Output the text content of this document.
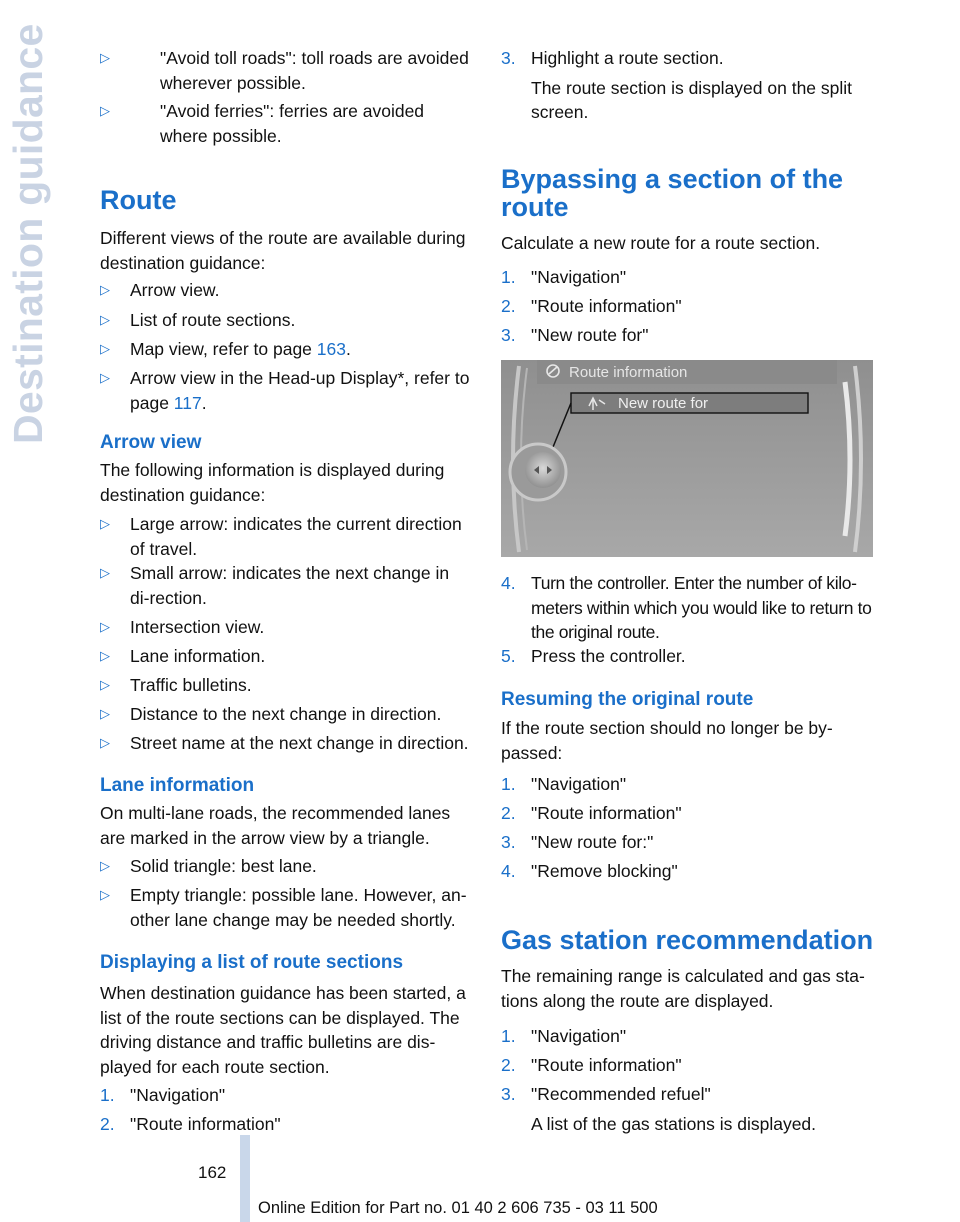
Destination guidance	▷	"Avoid toll roads": toll roads are avoided wherever possible.
▷	"Avoid ferries": ferries are avoided where possible.
Route

Different views of the route are available during destination guidance:

▷ Arrow view.
▷ List of route sections.
▷ Map view, refer to page 163.
▷ Arrow view in the Head-up Display*, refer to page 117.
Arrow view

The following information is displayed during destination guidance:

▷ Large arrow: indicates the current direction of travel.
▷ Small arrow: indicates the next change in di-rection.
▷ Intersection view.
▷ Lane information.
▷ Traffic bulletins.
▷ Distance to the next change in direction.
▷ Street name at the next change in direction.
Lane information

On multi-lane roads, the recommended lanes are marked in the arrow view by a triangle.

▷ Solid triangle: best lane.
▷ Empty triangle: possible lane. However, an-other lane change may be needed shortly.
Displaying a list of route sections

When destination guidance has been started, a list of the route sections can be displayed. The driving distance and traffic bulletins are dis-played for each route section.

1. "Navigation"
2. "Route information"
3. Highlight a route section.
The route section is displayed on the split screen.
Bypassing a section of the route

Calculate a new route for a route section.

1. "Navigation"
2. "Route information"
3. "New route for"
4. Turn the controller. Enter the number of kilo-meters within which you would like to return to the original route.
5. Press the controller.
Resuming the original route

If the route section should no longer be by-passed:

1. "Navigation"
2. "Route information"
3. "New route for:"
4. "Remove blocking"
Gas station recommendation

The remaining range is calculated and gas sta-tions along the route are displayed.

1. "Navigation"
2. "Route information"
3. "Recommended refuel"
A list of the gas stations is displayed.
Route information
New route for
162
Online Edition for Part no. 01 40 2 606 735 - 03 11 500
